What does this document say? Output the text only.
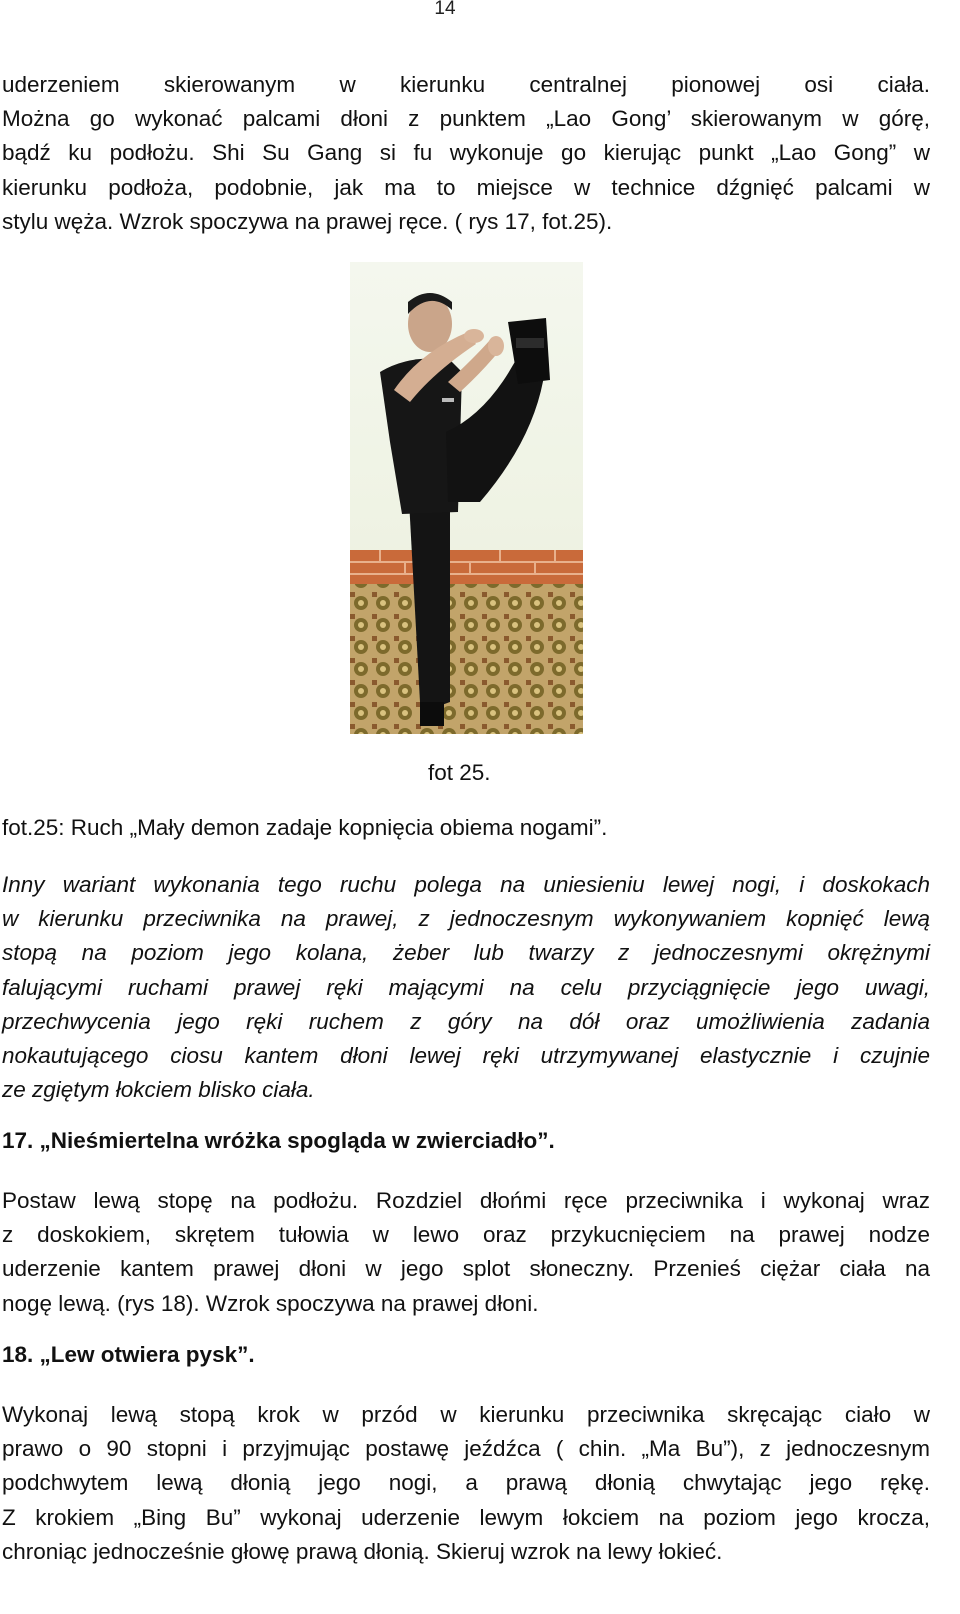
14

uderzeniem skierowanym w kierunku centralnej pionowej osi ciała.
Można go wykonać palcami dłoni z punktem „Lao Gong’ skierowanym w górę,
bądź ku podłożu. Shi Su Gang si fu wykonuje go kierując punkt „Lao Gong” w
kierunku podłoża, podobnie, jak ma to miejsce w technice dźgnięć palcami w
stylu węża. Wzrok spoczywa na prawej ręce. ( rys 17, fot.25).

fot 25.
fot.25: Ruch „Mały demon zadaje kopnięcia obiema nogami”.

Inny wariant wykonania tego ruchu polega na uniesieniu lewej nogi, i doskokach
w kierunku przeciwnika na prawej, z jednoczesnym wykonywaniem kopnięć lewą
stopą na poziom jego kolana, żeber lub twarzy z jednoczesnymi okrężnymi
falującymi ruchami prawej ręki mającymi na celu przyciągnięcie jego uwagi,
przechwycenia jego ręki ruchem z góry na dół oraz umożliwienia zadania
nokautującego ciosu kantem dłoni lewej ręki utrzymywanej elastycznie i czujnie
ze zgiętym łokciem blisko ciała.

17. „Nieśmiertelna wróżka spogląda w zwierciadło”.

Postaw lewą stopę na podłożu. Rozdziel dłońmi ręce przeciwnika i wykonaj wraz
z doskokiem, skrętem tułowia w lewo oraz przykucnięciem na prawej nodze
uderzenie kantem prawej dłoni w jego splot słoneczny. Przenieś ciężar ciała na
nogę lewą. (rys 18). Wzrok spoczywa na prawej dłoni.

18. „Lew otwiera pysk”.

Wykonaj lewą stopą krok w przód w kierunku przeciwnika skręcając ciało w
prawo o 90 stopni i przyjmując postawę jeźdźca ( chin. „Ma Bu”), z jednoczesnym
podchwytem lewą dłonią jego nogi, a prawą dłonią chwytając jego rękę.
Z krokiem „Bing Bu” wykonaj uderzenie lewym łokciem na poziom jego krocza,
chroniąc jednocześnie głowę prawą dłonią. Skieruj wzrok na lewy łokieć.
